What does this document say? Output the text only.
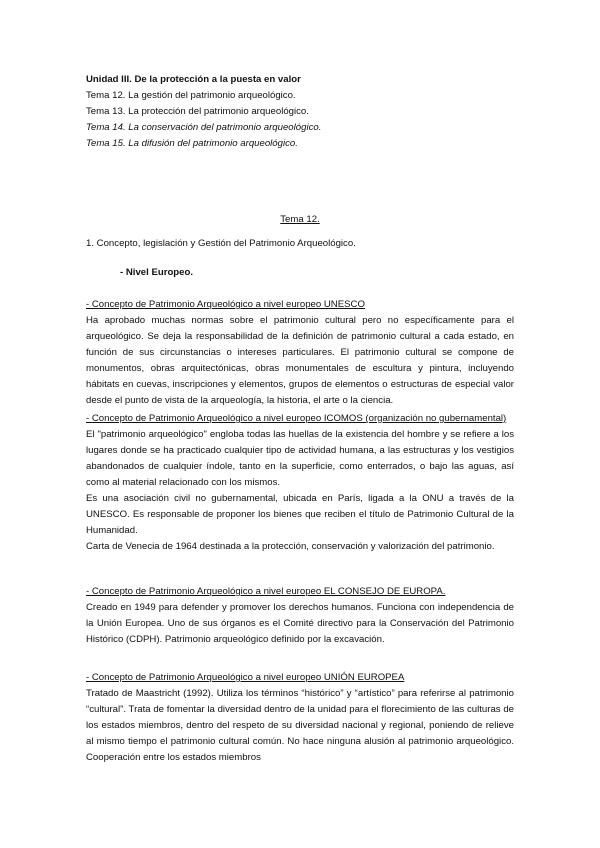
Unidad III. De la protección a la puesta en valor

Tema 12. La gestión del patrimonio arqueológico.

Tema 13. La protección del patrimonio arqueológico.

Tema 14. La conservación del patrimonio arqueológico.

Tema 15. La difusión del patrimonio arqueológico.

Tema 12.
1. Concepto, legislación y Gestión del Patrimonio Arqueológico.
- Nivel Europeo.

- Concepto de Patrimonio Arqueológico a nivel europeo UNESCO

Ha aprobado muchas normas sobre el patrimonio cultural pero no específicamente para el arqueológico. Se deja la responsabilidad de la definición de patrimonio cultural a cada estado, en función de sus circunstancias o intereses particulares. El patrimonio cultural se compone de monumentos, obras arquitectónicas, obras monumentales de escultura y pintura, incluyendo hábitats en cuevas, inscripciones y elementos, grupos de elementos o estructuras de especial valor desde el punto de vista de la arqueología, la historia, el arte o la ciencia.

- Concepto de Patrimonio Arqueológico a nivel europeo ICOMOS (organización no gubernamental)

El "patrimonio arqueológico" engloba todas las huellas de la existencia del hombre y se refiere a los lugares donde se ha practicado cualquier tipo de actividad humana, a las estructuras y los vestigios abandonados de cualquier índole, tanto en la superficie, como enterrados, o bajo las aguas, así como al material relacionado con los mismos.

Es una asociación civil no gubernamental, ubicada en París, ligada a la ONU a través de la UNESCO. Es responsable de proponer los bienes que reciben el título de Patrimonio Cultural de la Humanidad.

Carta de Venecia de 1964 destinada a la protección, conservación y valorización del patrimonio.

- Concepto de Patrimonio Arqueológico a nivel europeo EL CONSEJO DE EUROPA.

Creado en 1949 para defender y promover los derechos humanos. Funciona con independencia de la Unión Europea. Uno de sus órganos es el Comité directivo para la Conservación del Patrimonio Histórico (CDPH). Patrimonio arqueológico definido por la excavación.

- Concepto de Patrimonio Arqueológico a nivel europeo UNIÓN EUROPEA

Tratado de Maastricht (1992). Utiliza los términos “histórico” y “artístico” para referirse al patrimonio “cultural”. Trata de fomentar la diversidad dentro de la unidad para el florecimiento de las culturas de los estados miembros, dentro del respeto de su diversidad nacional y regional, poniendo de relieve al mismo tiempo el patrimonio cultural común. No hace ninguna alusión al patrimonio arqueológico. Cooperación entre los estados miembros
